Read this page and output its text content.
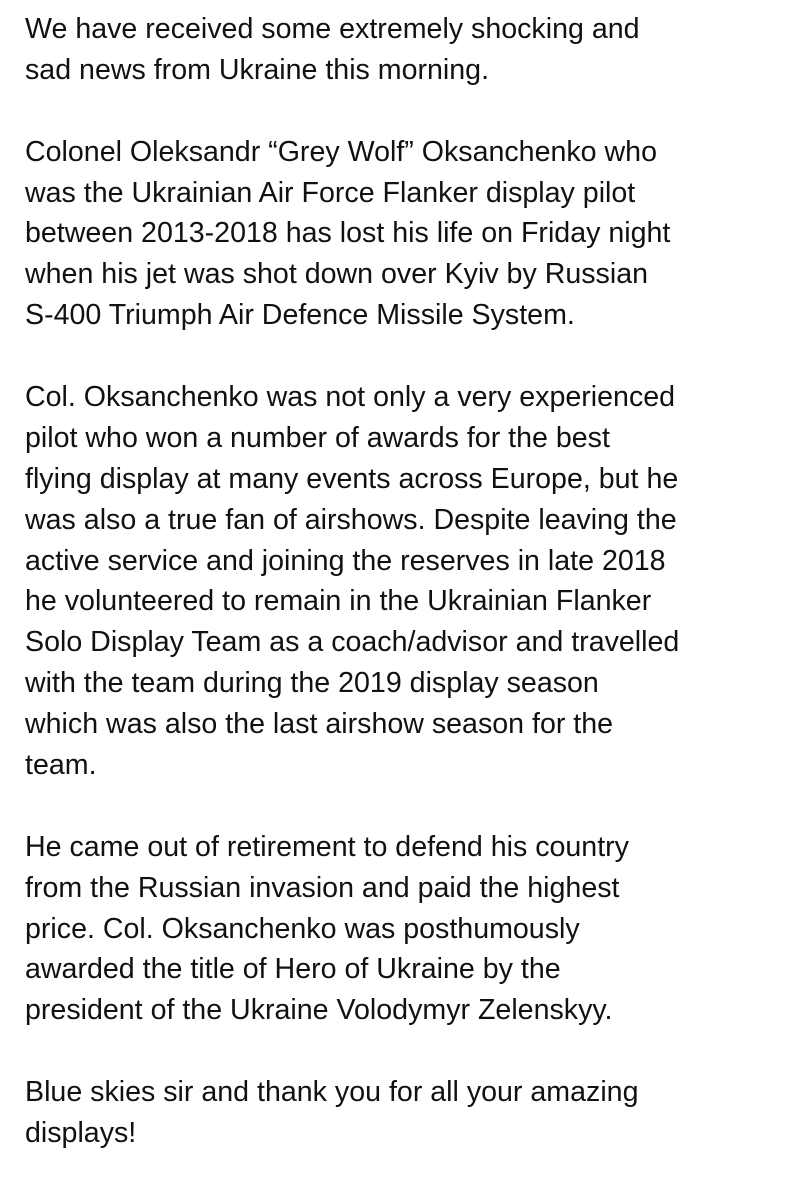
We have received some extremely shocking and
sad news from Ukraine this morning.
Colonel Oleksandr “Grey Wolf” Oksanchenko who
was the Ukrainian Air Force Flanker display pilot
between 2013-2018 has lost his life on Friday night
when his jet was shot down over Kyiv by Russian
S-400 Triumph Air Defence Missile System.
Col. Oksanchenko was not only a very experienced
pilot who won a number of awards for the best
flying display at many events across Europe, but he
was also a true fan of airshows. Despite leaving the
active service and joining the reserves in late 2018
he volunteered to remain in the Ukrainian Flanker
Solo Display Team as a coach/advisor and travelled
with the team during the 2019 display season
which was also the last airshow season for the
team.
He came out of retirement to defend his country
from the Russian invasion and paid the highest
price. Col. Oksanchenko was posthumously
awarded the title of Hero of Ukraine by the
president of the Ukraine Volodymyr Zelenskyy.
Blue skies sir and thank you for all your amazing
displays!
